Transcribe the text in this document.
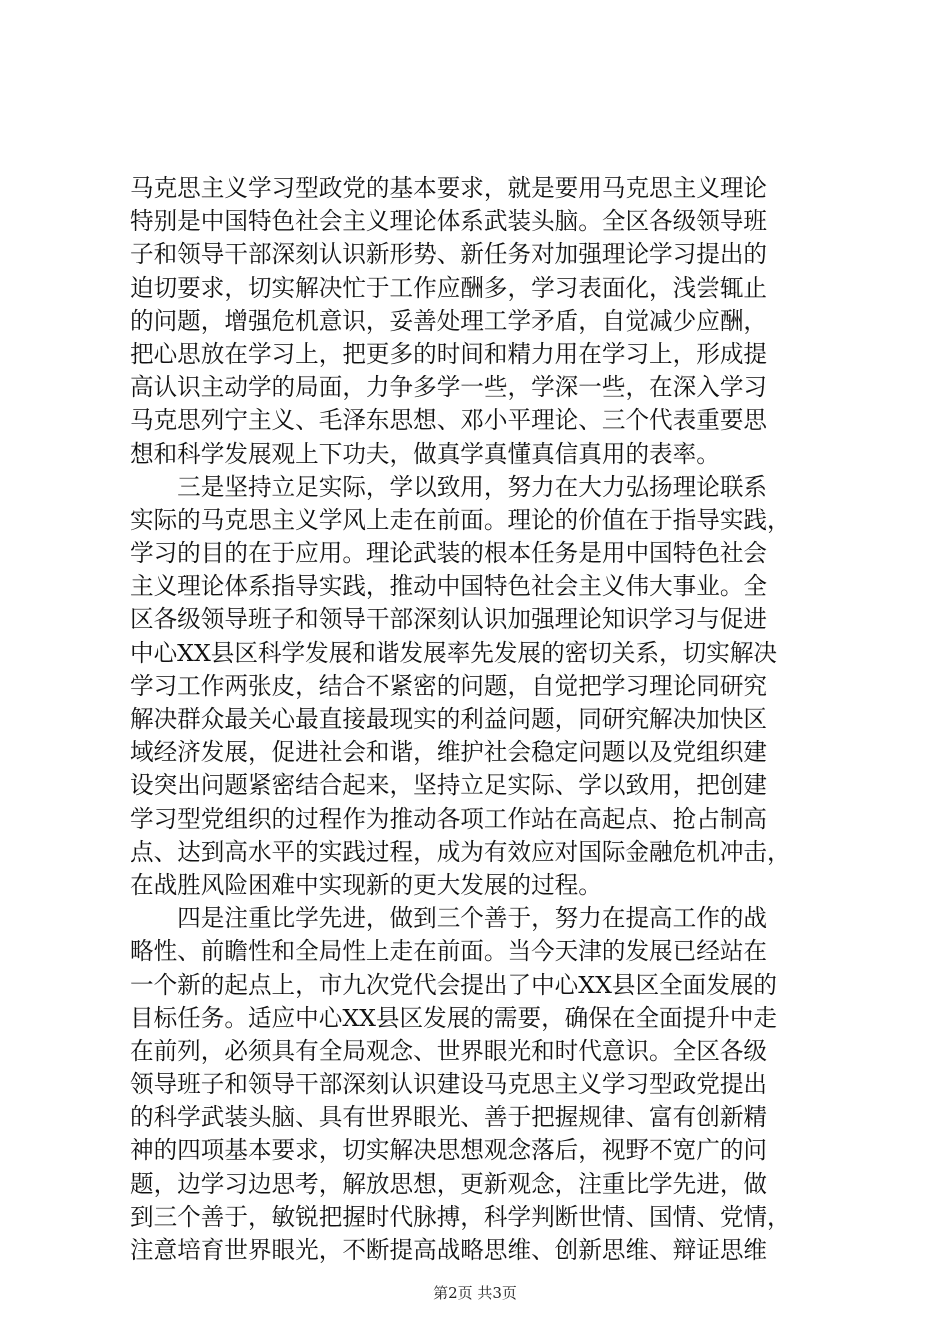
马克思主义学习型政党的基本要求，就是要用马克思主义理论
特别是中国特色社会主义理论体系武装头脑。全区各级领导班
子和领导干部深刻认识新形势、新任务对加强理论学习提出的
迫切要求，切实解决忙于工作应酬多，学习表面化，浅尝辄止
的问题，增强危机意识，妥善处理工学矛盾，自觉减少应酬，
把心思放在学习上，把更多的时间和精力用在学习上，形成提
高认识主动学的局面，力争多学一些，学深一些，在深入学习
马克思列宁主义、毛泽东思想、邓小平理论、三个代表重要思
想和科学发展观上下功夫，做真学真懂真信真用的表率。
　　三是坚持立足实际，学以致用，努力在大力弘扬理论联系
实际的马克思主义学风上走在前面。理论的价值在于指导实践，
学习的目的在于应用。理论武装的根本任务是用中国特色社会
主义理论体系指导实践，推动中国特色社会主义伟大事业。全
区各级领导班子和领导干部深刻认识加强理论知识学习与促进
中心XX县区科学发展和谐发展率先发展的密切关系，切实解决
学习工作两张皮，结合不紧密的问题，自觉把学习理论同研究
解决群众最关心最直接最现实的利益问题，同研究解决加快区
域经济发展，促进社会和谐，维护社会稳定问题以及党组织建
设突出问题紧密结合起来，坚持立足实际、学以致用，把创建
学习型党组织的过程作为推动各项工作站在高起点、抢占制高
点、达到高水平的实践过程，成为有效应对国际金融危机冲击，
在战胜风险困难中实现新的更大发展的过程。
　　四是注重比学先进，做到三个善于，努力在提高工作的战
略性、前瞻性和全局性上走在前面。当今天津的发展已经站在
一个新的起点上，市九次党代会提出了中心XX县区全面发展的
目标任务。适应中心XX县区发展的需要，确保在全面提升中走
在前列，必须具有全局观念、世界眼光和时代意识。全区各级
领导班子和领导干部深刻认识建设马克思主义学习型政党提出
的科学武装头脑、具有世界眼光、善于把握规律、富有创新精
神的四项基本要求，切实解决思想观念落后，视野不宽广的问
题，边学习边思考，解放思想，更新观念，注重比学先进，做
到三个善于，敏锐把握时代脉搏，科学判断世情、国情、党情，
注意培育世界眼光，不断提高战略思维、创新思维、辩证思维
第2页 共3页
